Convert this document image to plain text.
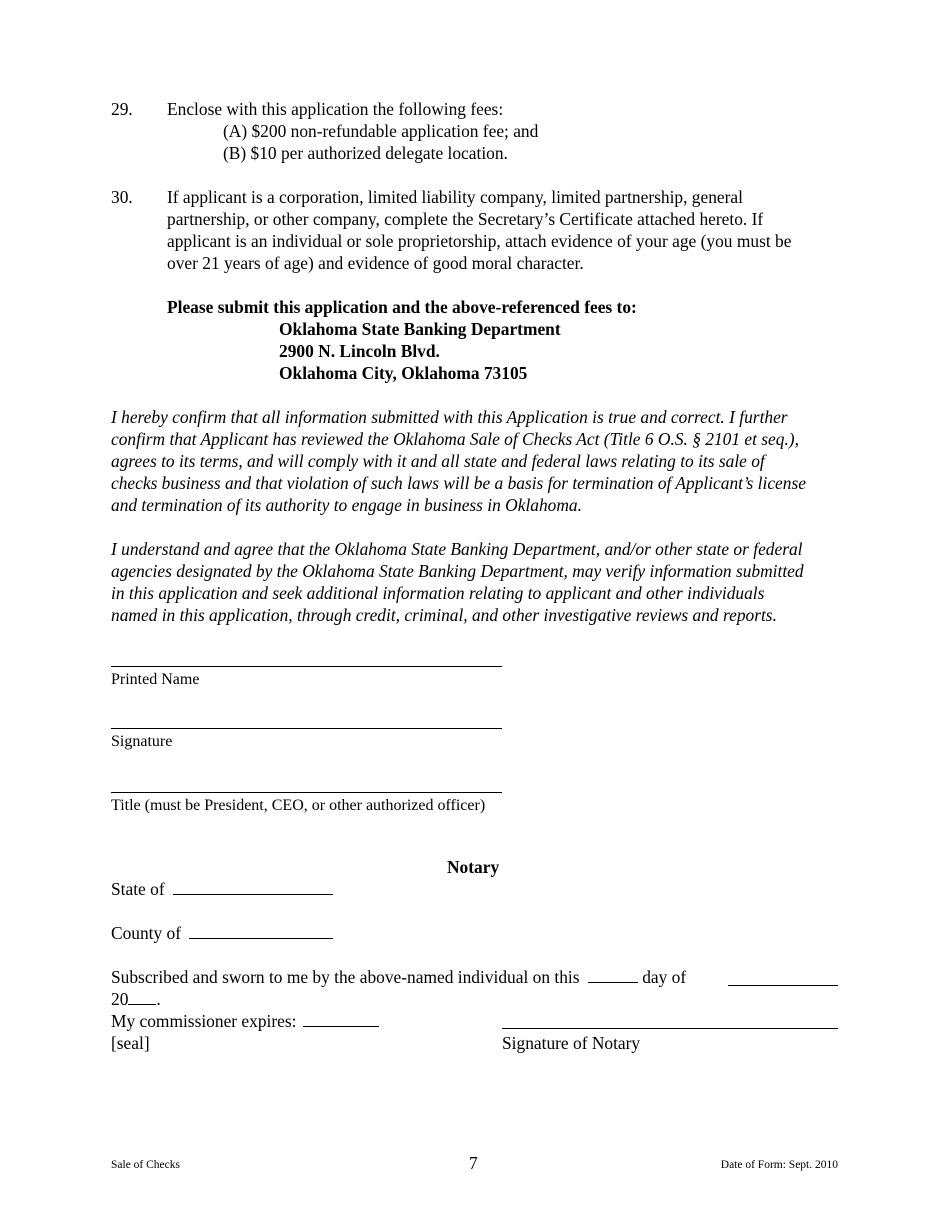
29. Enclose with this application the following fees:
(A) $200 non-refundable application fee; and
(B) $10 per authorized delegate location.
30. If applicant is a corporation, limited liability company, limited partnership, general
partnership, or other company, complete the Secretary’s Certificate attached hereto. If
applicant is an individual or sole proprietorship, attach evidence of your age (you must be
over 21 years of age) and evidence of good moral character.
Please submit this application and the above-referenced fees to:
Oklahoma State Banking Department
2900 N. Lincoln Blvd.
Oklahoma City, Oklahoma 73105
I hereby confirm that all information submitted with this Application is true and correct. I further
confirm that Applicant has reviewed the Oklahoma Sale of Checks Act (Title 6 O.S. § 2101 et seq.),
agrees to its terms, and will comply with it and all state and federal laws relating to its sale of
checks business and that violation of such laws will be a basis for termination of Applicant’s license
and termination of its authority to engage in business in Oklahoma.
I understand and agree that the Oklahoma State Banking Department, and/or other state or federal
agencies designated by the Oklahoma State Banking Department, may verify information submitted
in this application and seek additional information relating to applicant and other individuals
named in this application, through credit, criminal, and other investigative reviews and reports.
Printed Name
Signature
Title (must be President, CEO, or other authorized officer)
Notary
State of
County of
Subscribed and sworn to me by the above-named individual on this	day of
20 .
My commissioner expires:
[seal]	Signature of Notary
Sale of Checks	7	Date of Form: Sept. 2010
